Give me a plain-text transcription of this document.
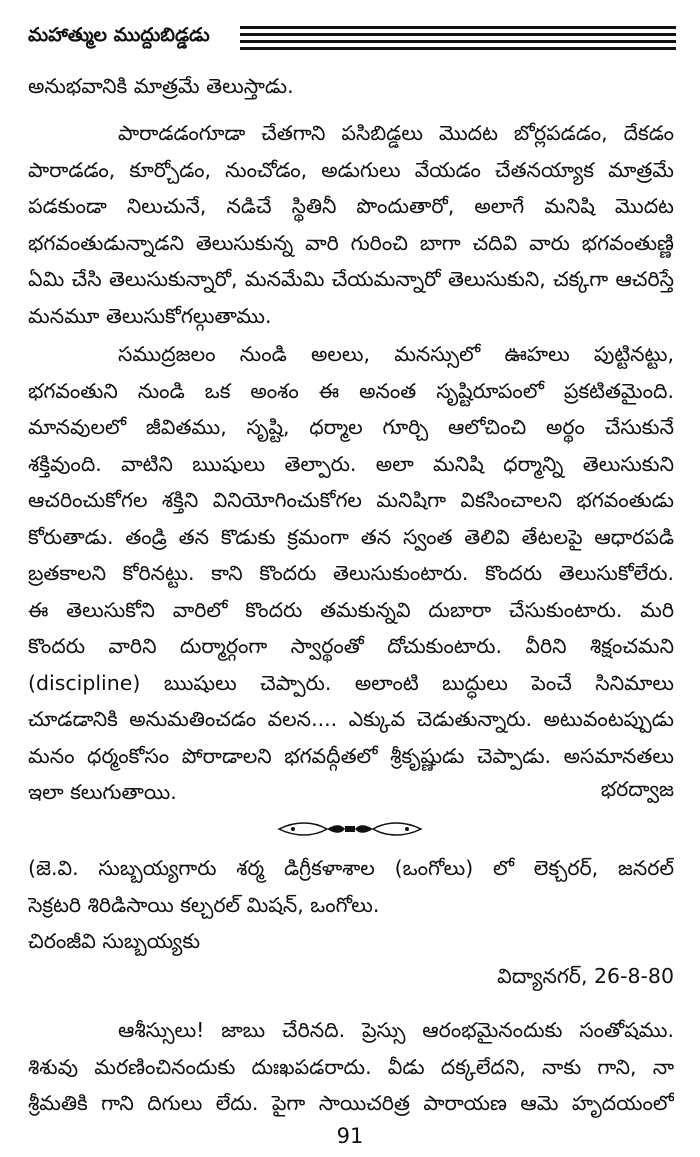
మహాత్ముల ముద్దుబిడ్డడు
అనుభవానికి మాత్రమే తెలుస్తాడు.
పారాడడంగూడా చేతగాని పసిబిడ్డలు మొదట బోర్లపడడం, దేకడం
పారాడడం, కూర్చోడం, నుంచోడం, అడుగులు వేయడం చేతనయ్యాక మాత్రమే
పడకుండా నిలుచునే, నడిచే స్థితినీ పొందుతారో, అలాగే మనిషి మొదట
భగవంతుడున్నాడని తెలుసుకున్న వారి గురించి బాగా చదివి వారు భగవంతుణ్ణి
ఏమి చేసి తెలుసుకున్నారో, మనమేమి చేయమన్నారో తెలుసుకుని, చక్కగా ఆచరిస్తే
మనమూ తెలుసుకోగల్గుతాము.
సముద్రజలం నుండి అలలు, మనస్సులో ఊహలు పుట్టినట్టు,
భగవంతుని నుండి ఒక అంశం ఈ అనంత సృష్టిరూపంలో ప్రకటితమైంది.
మానవులలో జీవితము, సృష్టి, ధర్మాల గూర్చి ఆలోచించి అర్థం చేసుకునే
శక్తివుంది. వాటిని ఋషులు తెల్పారు. అలా మనిషి ధర్మాన్ని తెలుసుకుని
ఆచరించుకోగల శక్తిని వినియోగించుకోగల మనిషిగా వికసించాలని భగవంతుడు
కోరుతాడు. తండ్రి తన కొడుకు క్రమంగా తన స్వంత తెలివి తేటలపై ఆధారపడి
బ్రతకాలని కోరినట్టు. కాని కొందరు తెలుసుకుంటారు. కొందరు తెలుసుకోలేరు.
ఈ తెలుసుకోని వారిలో కొందరు తమకున్నవి దుబారా చేసుకుంటారు. మరి
కొందరు వారిని దుర్మార్గంగా స్వార్థంతో దోచుకుంటారు. వీరిని శిక్షంచమని
(discipline) ఋషులు చెప్పారు. అలాంటి బుద్ధులు పెంచే సినిమాలు
చూడడానికి అనుమతించడం వలన.... ఎక్కువ చెడుతున్నారు. అటువంటప్పుడు
మనం ధర్మంకోసం పోరాడాలని భగవద్గీతలో శ్రీకృష్ణుడు చెప్పాడు. అసమానతలు
ఇలా కలుగుతాయి.	భరద్వాజ
(జె.వి. సుబ్బయ్యగారు శర్మ డిగ్రీకళాశాల (ఒంగోలు) లో లెక్చరర్, జనరల్
సెక్రటరి శిరిడిసాయి కల్చరల్ మిషన్, ఒంగోలు.
చిరంజీవి సుబ్బయ్యకు
విద్యానగర్, 26-8-80
ఆశీస్సులు! జాబు చేరినది. ప్రెస్సు ఆరంభమైనందుకు సంతోషము.
శిశువు మరణించినందుకు దుఃఖపడరాదు. వీడు దక్కలేదని, నాకు గాని, నా
శ్రీమతికి గాని దిగులు లేదు. పైగా సాయిచరిత్ర పారాయణ ఆమె హృదయంలో
91
